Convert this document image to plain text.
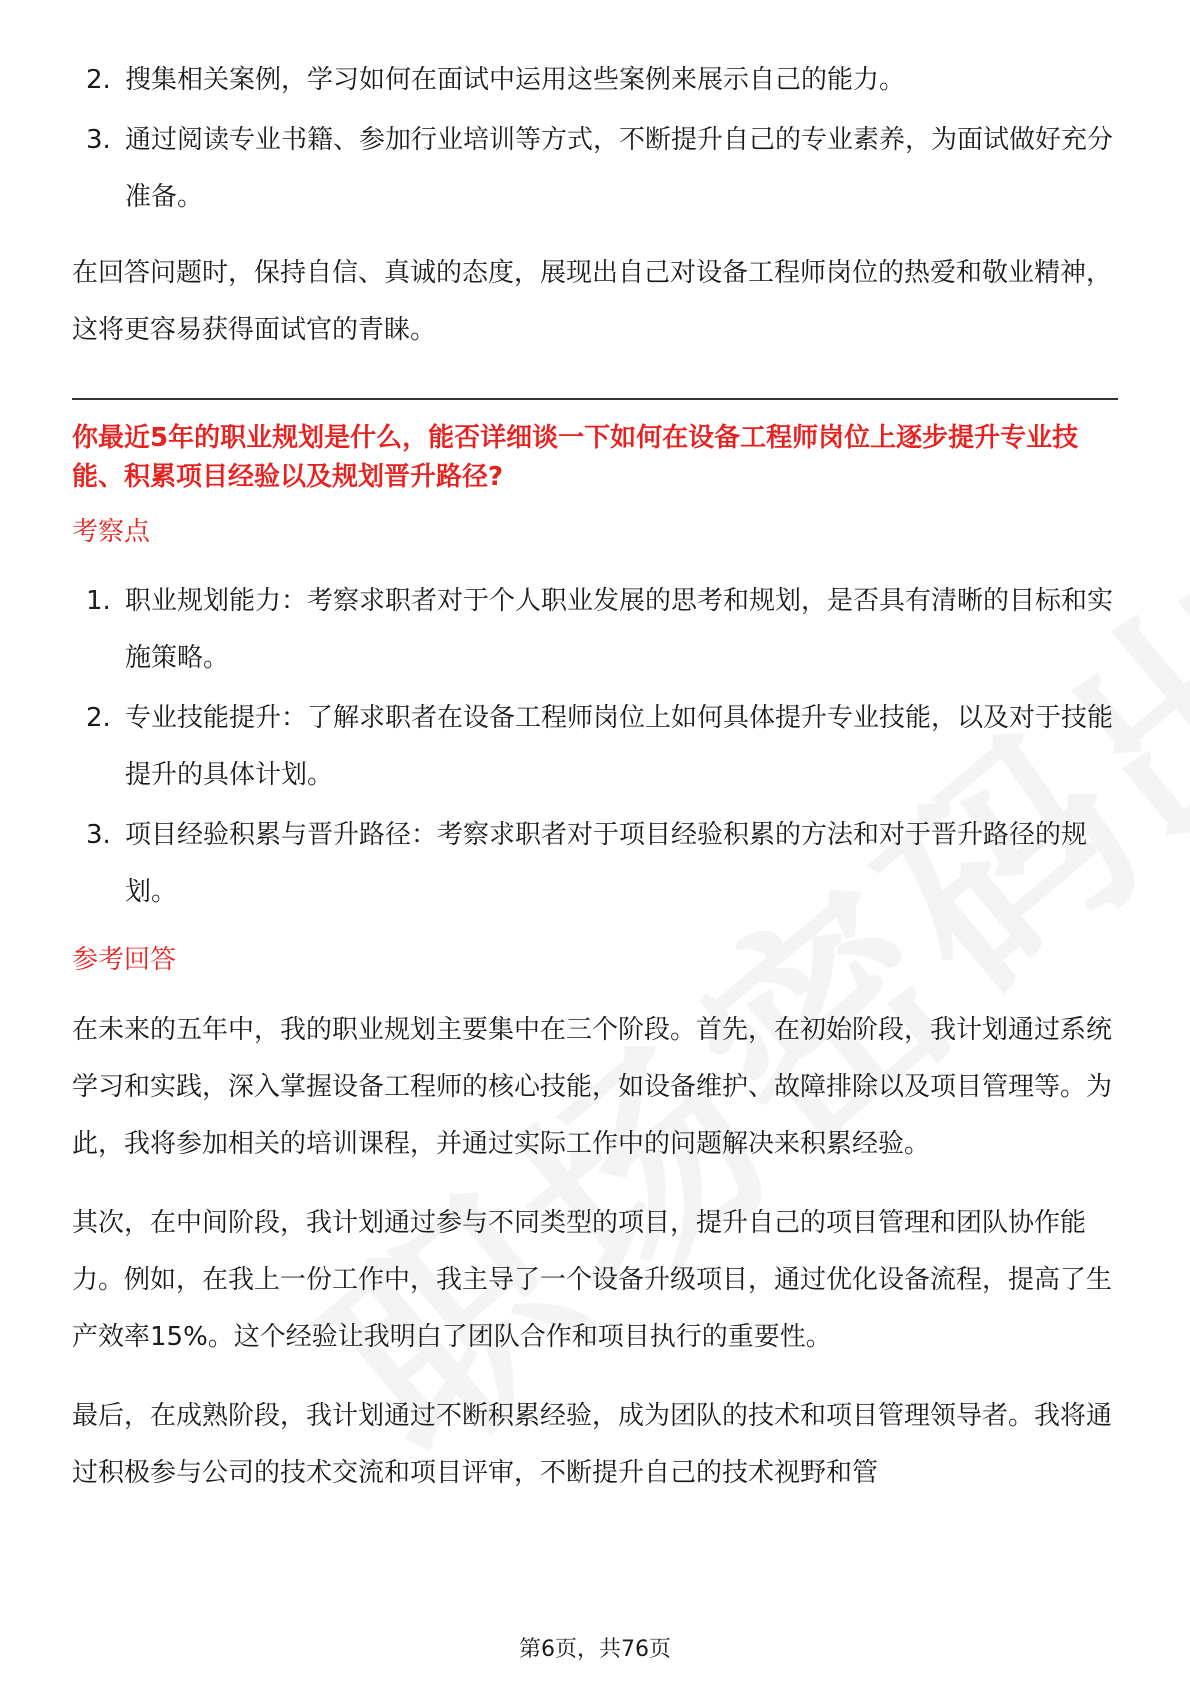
2. 搜集相关案例，学习如何在面试中运用这些案例来展示自己的能力。
3. 通过阅读专业书籍、参加行业培训等方式，不断提升自己的专业素养，为面试做好充分准备。

在回答问题时，保持自信、真诚的态度，展现出自己对设备工程师岗位的热爱和敬业精神，这将更容易获得面试官的青睐。

你最近5年的职业规划是什么，能否详细谈一下如何在设备工程师岗位上逐步提升专业技能、积累项目经验以及规划晋升路径?

考察点

1. 职业规划能力：考察求职者对于个人职业发展的思考和规划，是否具有清晰的目标和实施策略。
2. 专业技能提升：了解求职者在设备工程师岗位上如何具体提升专业技能，以及对于技能提升的具体计划。
3. 项目经验积累与晋升路径：考察求职者对于项目经验积累的方法和对于晋升路径的规划。

参考回答

在未来的五年中，我的职业规划主要集中在三个阶段。首先，在初始阶段，我计划通过系统学习和实践，深入掌握设备工程师的核心技能，如设备维护、故障排除以及项目管理等。为此，我将参加相关的培训课程，并通过实际工作中的问题解决来积累经验。

其次，在中间阶段，我计划通过参与不同类型的项目，提升自己的项目管理和团队协作能力。例如，在我上一份工作中，我主导了一个设备升级项目，通过优化设备流程，提高了生产效率15%。这个经验让我明白了团队合作和项目执行的重要性。

最后，在成熟阶段，我计划通过不断积累经验，成为团队的技术和项目管理领导者。我将通过积极参与公司的技术交流和项目评审，不断提升自己的技术视野和管

第6页，共76页
